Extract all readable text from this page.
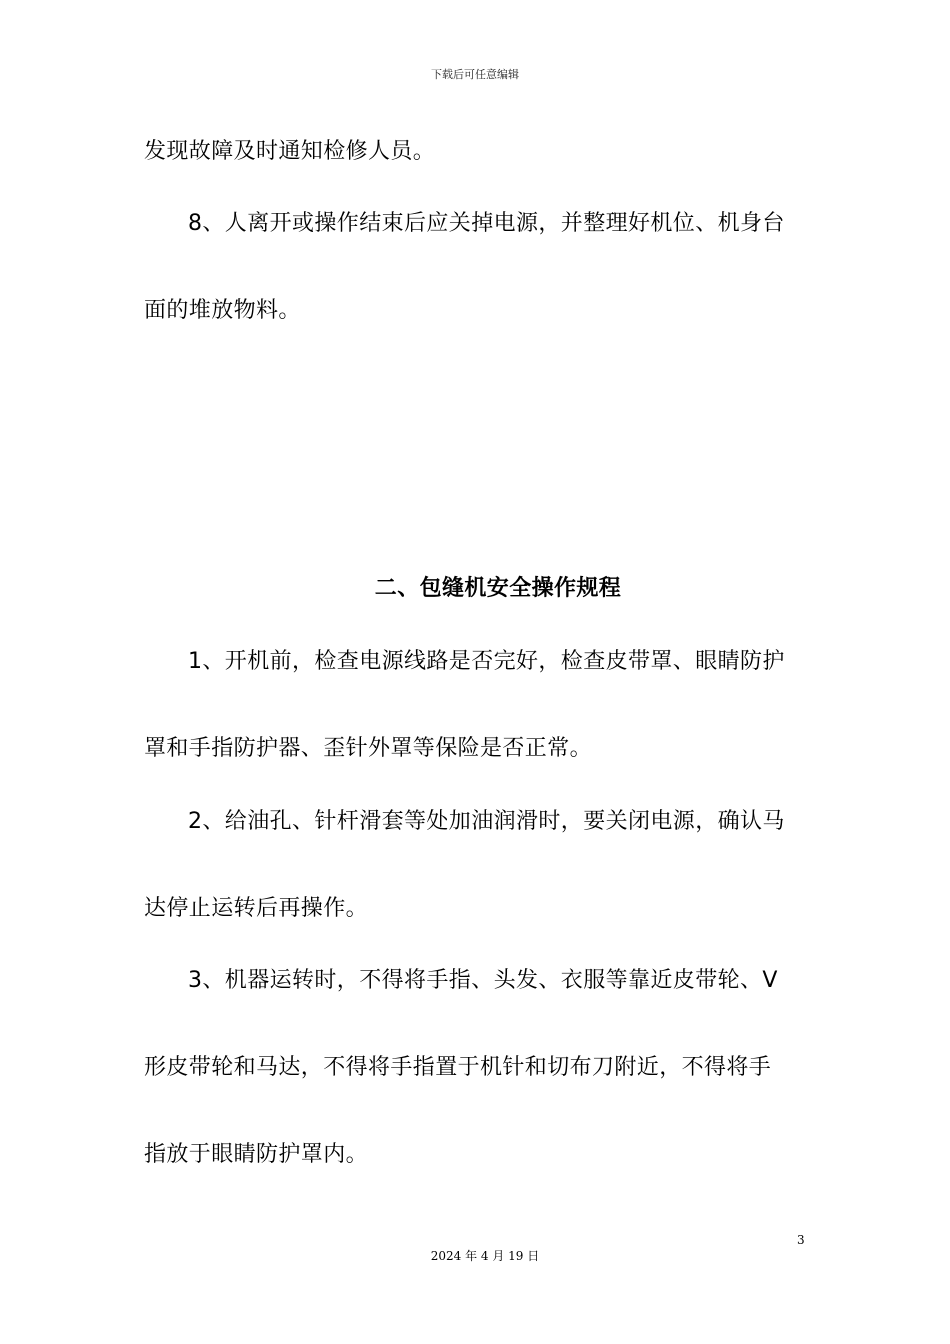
下载后可任意编辑
发现故障及时通知检修人员。
8、人离开或操作结束后应关掉电源，并整理好机位、机身台
面的堆放物料。
二、包缝机安全操作规程
1、开机前，检查电源线路是否完好，检查皮带罩、眼睛防护
罩和手指防护器、歪针外罩等保险是否正常。
2、给油孔、针杆滑套等处加油润滑时，要关闭电源，确认马
达停止运转后再操作。
3、机器运转时，不得将手指、头发、衣服等靠近皮带轮、V
形皮带轮和马达，不得将手指置于机针和切布刀附近，不得将手
指放于眼睛防护罩内。
3
2024 年 4 月 19 日
